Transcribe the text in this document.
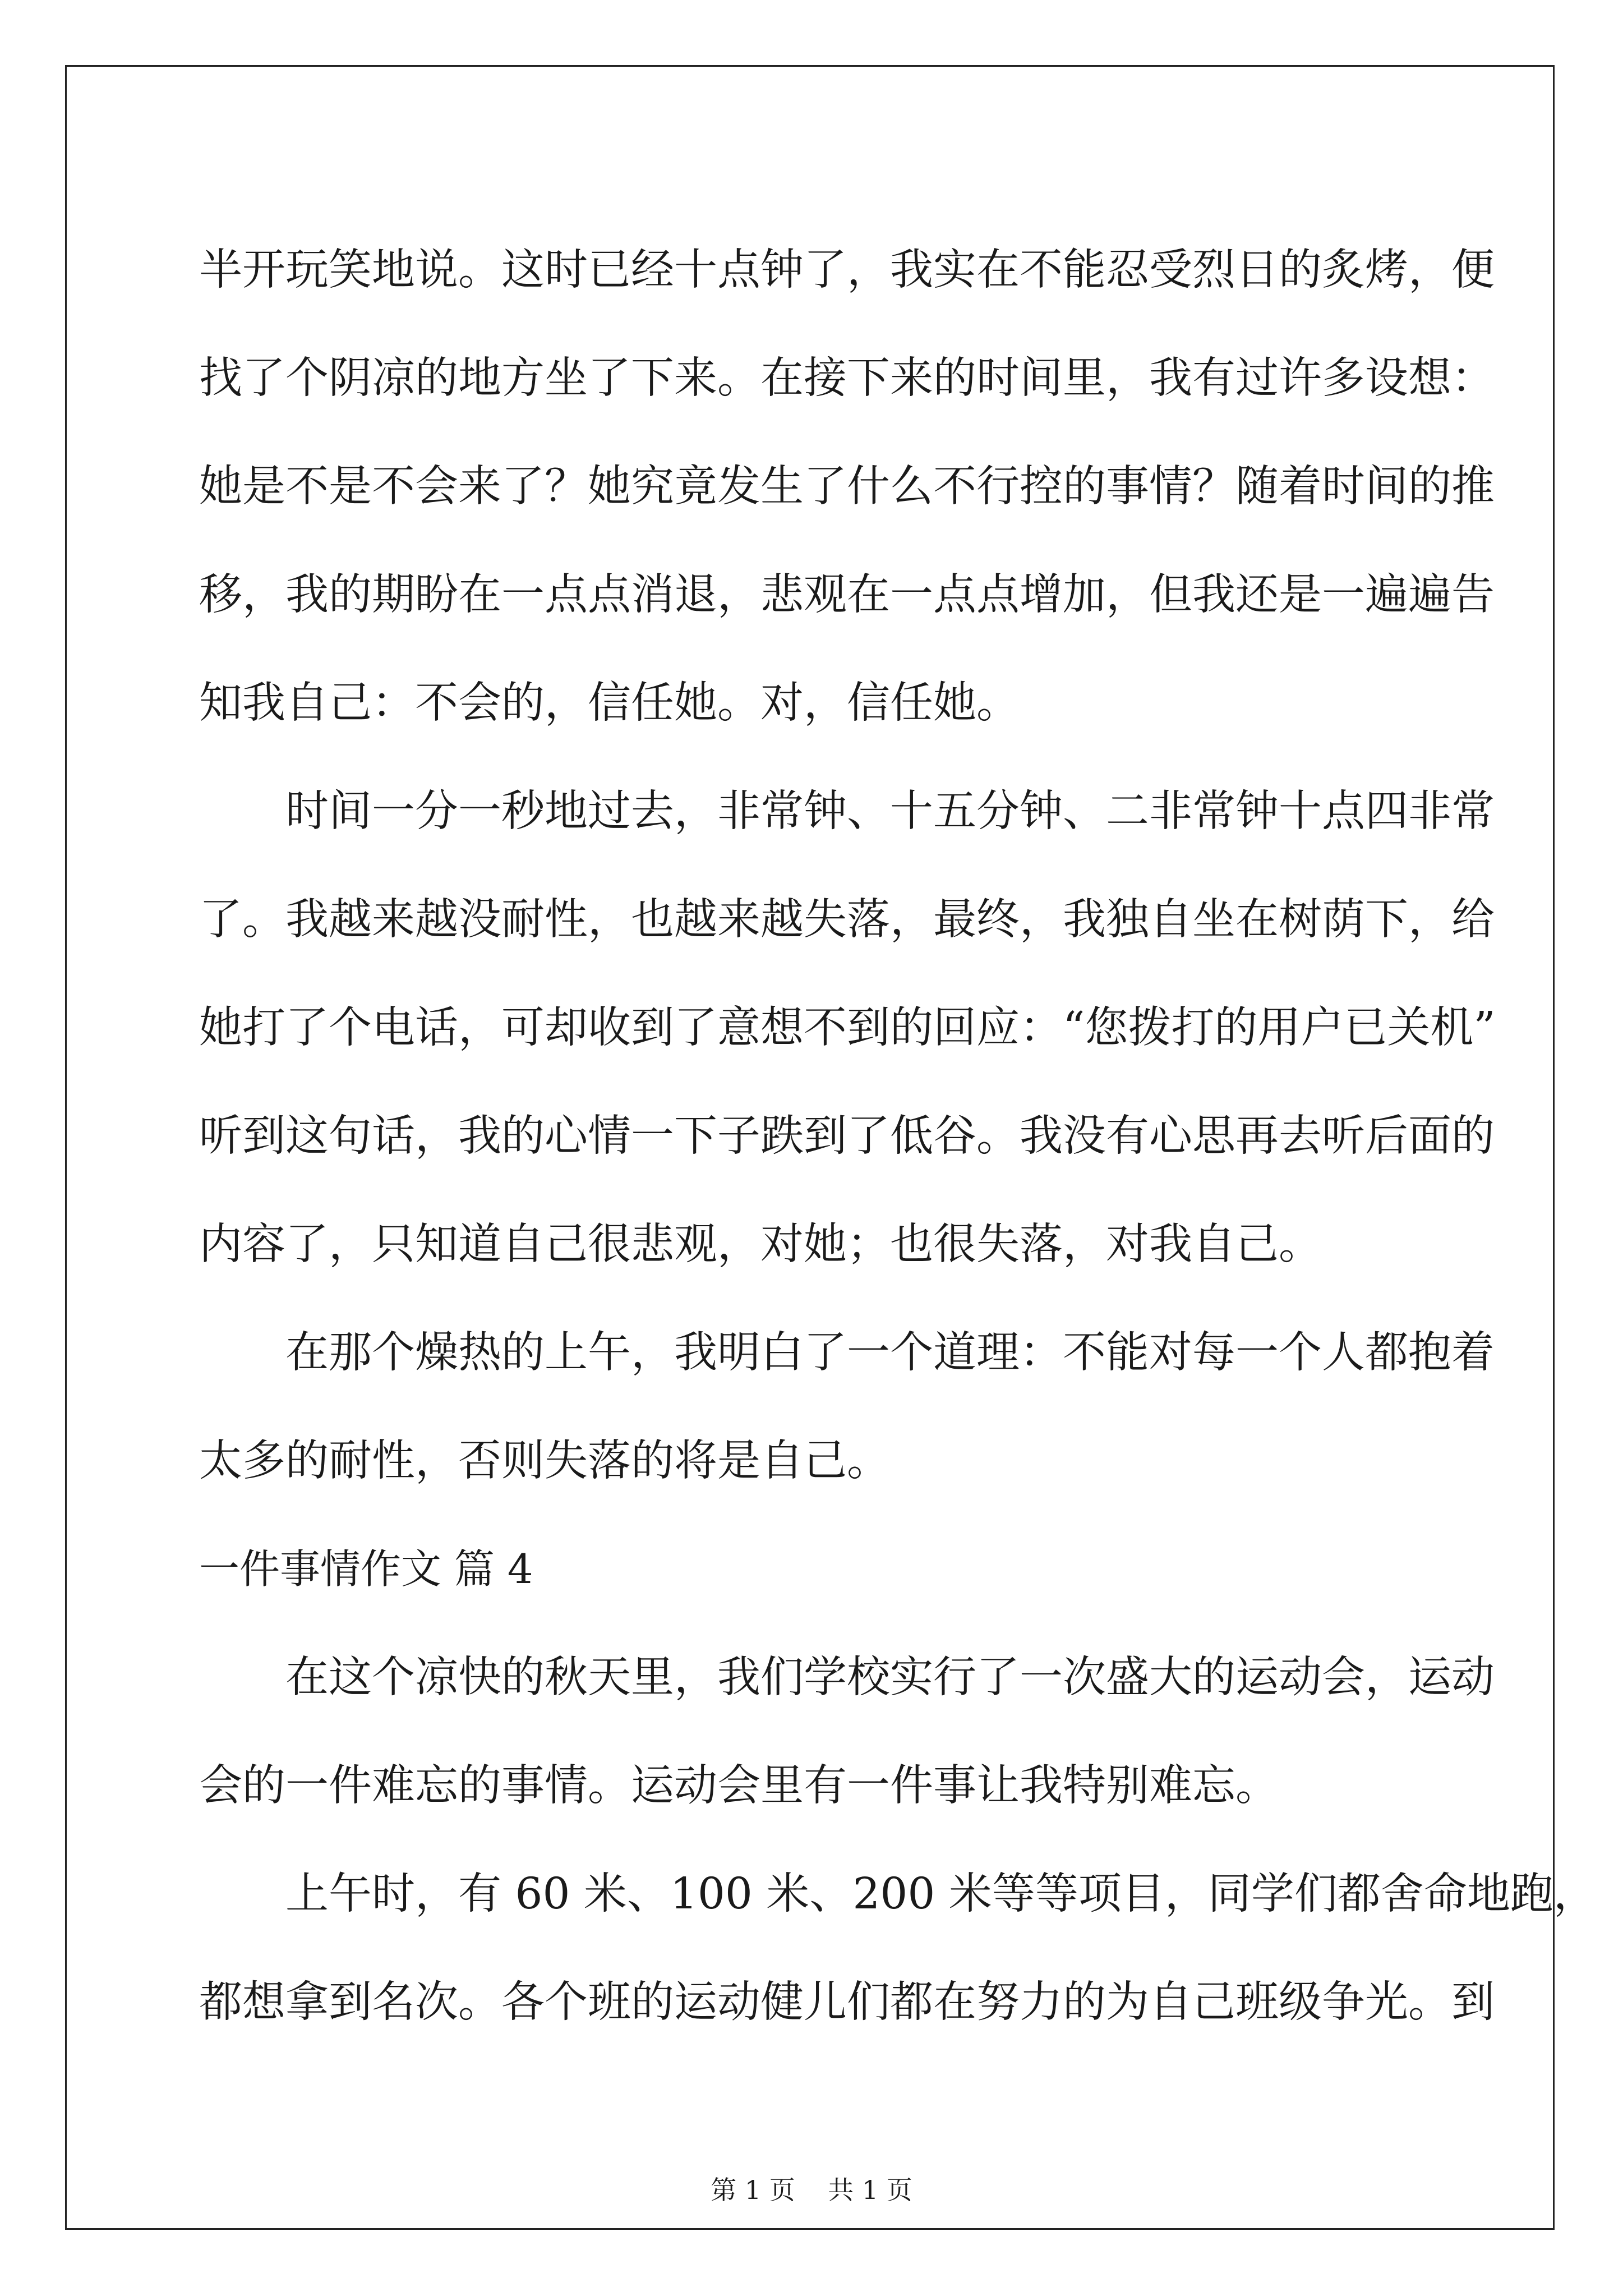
半开玩笑地说。这时已经十点钟了，我实在不能忍受烈日的炙烤，便
找了个阴凉的地方坐了下来。在接下来的时间里，我有过许多设想：
她是不是不会来了？她究竟发生了什么不行控的事情？随着时间的推
移，我的期盼在一点点消退，悲观在一点点增加，但我还是一遍遍告
知我自己：不会的，信任她。对，信任她。
时间一分一秒地过去，非常钟、十五分钟、二非常钟十点四非常
了。我越来越没耐性，也越来越失落，最终，我独自坐在树荫下，给
她打了个电话，可却收到了意想不到的回应：“您拨打的用户已关机”
听到这句话，我的心情一下子跌到了低谷。我没有心思再去听后面的
内容了，只知道自己很悲观，对她；也很失落，对我自己。
在那个燥热的上午，我明白了一个道理：不能对每一个人都抱着
太多的耐性，否则失落的将是自己。
一件事情作文 篇 4
在这个凉快的秋天里，我们学校实行了一次盛大的运动会，运动
会的一件难忘的事情。运动会里有一件事让我特别难忘。
上午时，有 60 米、100 米、200 米等等项目，同学们都舍命地跑，
都想拿到名次。各个班的运动健儿们都在努力的为自己班级争光。到
第 1 页 共 1 页
